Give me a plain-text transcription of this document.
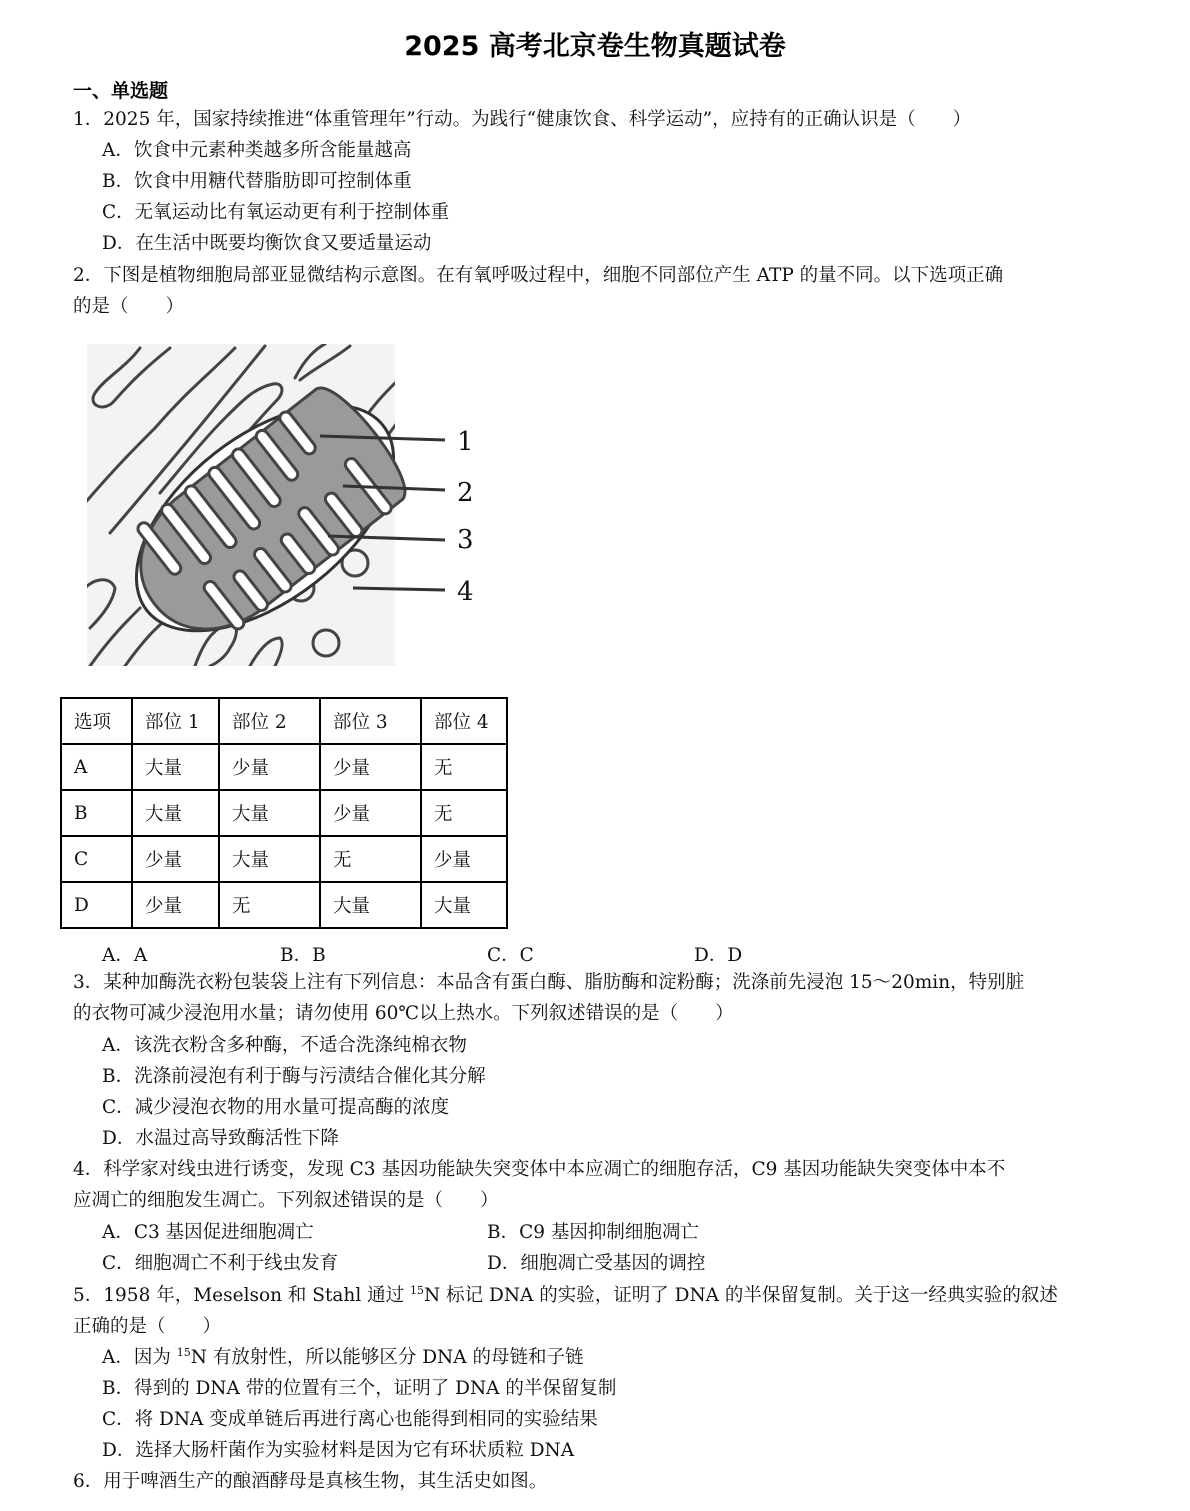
2025 高考北京卷生物真题试卷
一、单选题
1．2025 年，国家持续推进“体重管理年”行动。为践行“健康饮食、科学运动”，应持有的正确认识是（　　）
A．饮食中元素种类越多所含能量越高
B．饮食中用糖代替脂肪即可控制体重
C．无氧运动比有氧运动更有利于控制体重
D．在生活中既要均衡饮食又要适量运动
2．下图是植物细胞局部亚显微结构示意图。在有氧呼吸过程中，细胞不同部位产生 ATP 的量不同。以下选项正确
的是（　　）
1
2
3
4
选项	部位 1	部位 2	部位 3	部位 4
A	大量	少量	少量	无
B	大量	大量	少量	无
C	少量	大量	无	少量
D	少量	无	大量	大量
A．A	B．B	C．C	D．D
3．某种加酶洗衣粉包装袋上注有下列信息：本品含有蛋白酶、脂肪酶和淀粉酶；洗涤前先浸泡 15～20min，特别脏
的衣物可减少浸泡用水量；请勿使用 60℃以上热水。下列叙述错误的是（　　）
A．该洗衣粉含多种酶，不适合洗涤纯棉衣物
B．洗涤前浸泡有利于酶与污渍结合催化其分解
C．减少浸泡衣物的用水量可提高酶的浓度
D．水温过高导致酶活性下降
4．科学家对线虫进行诱变，发现 C3 基因功能缺失突变体中本应凋亡的细胞存活，C9 基因功能缺失突变体中本不
应凋亡的细胞发生凋亡。下列叙述错误的是（　　）
A．C3 基因促进细胞凋亡	B．C9 基因抑制细胞凋亡
C．细胞凋亡不利于线虫发育	D．细胞凋亡受基因的调控
5．1958 年，Meselson 和 Stahl 通过 $^{15}$N 标记 DNA 的实验，证明了 DNA 的半保留复制。关于这一经典实验的叙述
正确的是（　　）
A．因为 $^{15}$N 有放射性，所以能够区分 DNA 的母链和子链
B．得到的 DNA 带的位置有三个，证明了 DNA 的半保留复制
C．将 DNA 变成单链后再进行离心也能得到相同的实验结果
D．选择大肠杆菌作为实验材料是因为它有环状质粒 DNA
6．用于啤酒生产的酿酒酵母是真核生物，其生活史如图。
